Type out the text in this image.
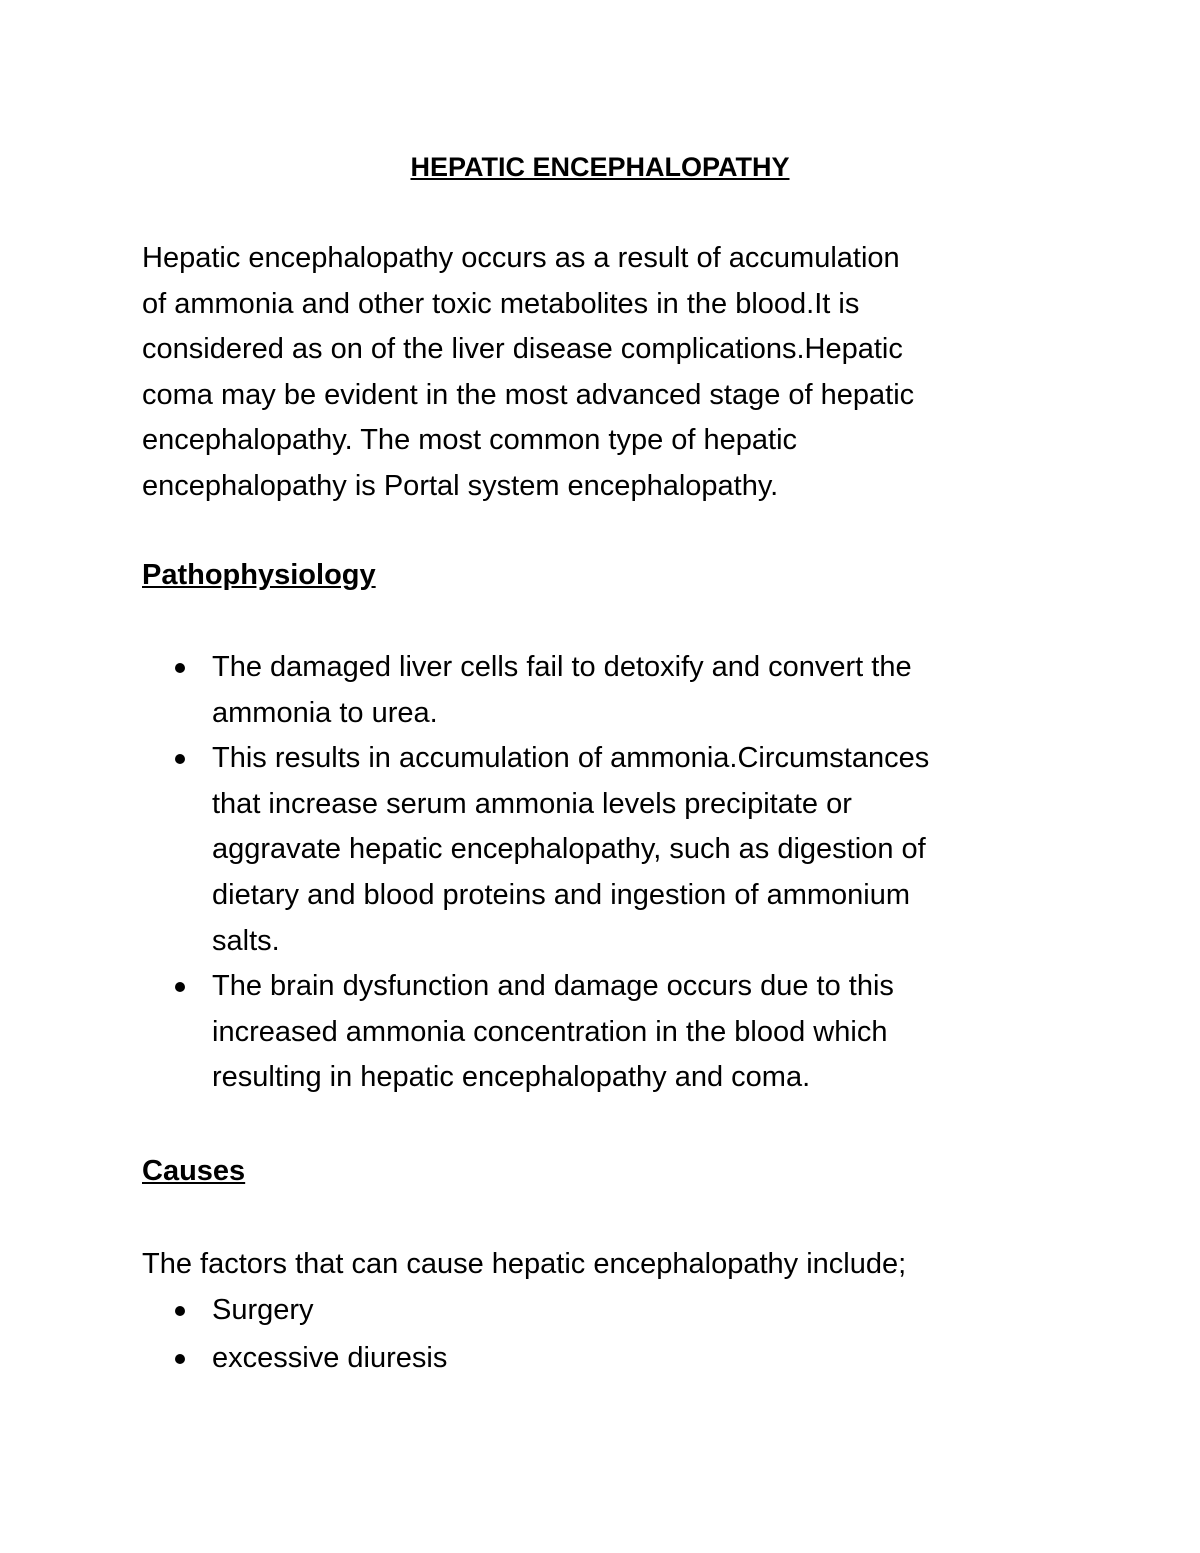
HEPATIC ENCEPHALOPATHY
Hepatic encephalopathy occurs as a result of accumulation
of ammonia and other toxic metabolites in the blood.It is
considered as on of the liver disease complications.Hepatic
coma may be evident in the most advanced stage of hepatic
encephalopathy. The most common type of hepatic
encephalopathy is Portal system encephalopathy.
Pathophysiology
The damaged liver cells fail to detoxify and convert the
ammonia to urea.
This results in accumulation of ammonia.Circumstances
that increase serum ammonia levels precipitate or
aggravate hepatic encephalopathy, such as digestion of
dietary and blood proteins and ingestion of ammonium
salts.
The brain dysfunction and damage occurs due to this
increased ammonia concentration in the blood which
resulting in hepatic encephalopathy and coma.
Causes
The factors that can cause hepatic encephalopathy include;
Surgery
excessive diuresis
